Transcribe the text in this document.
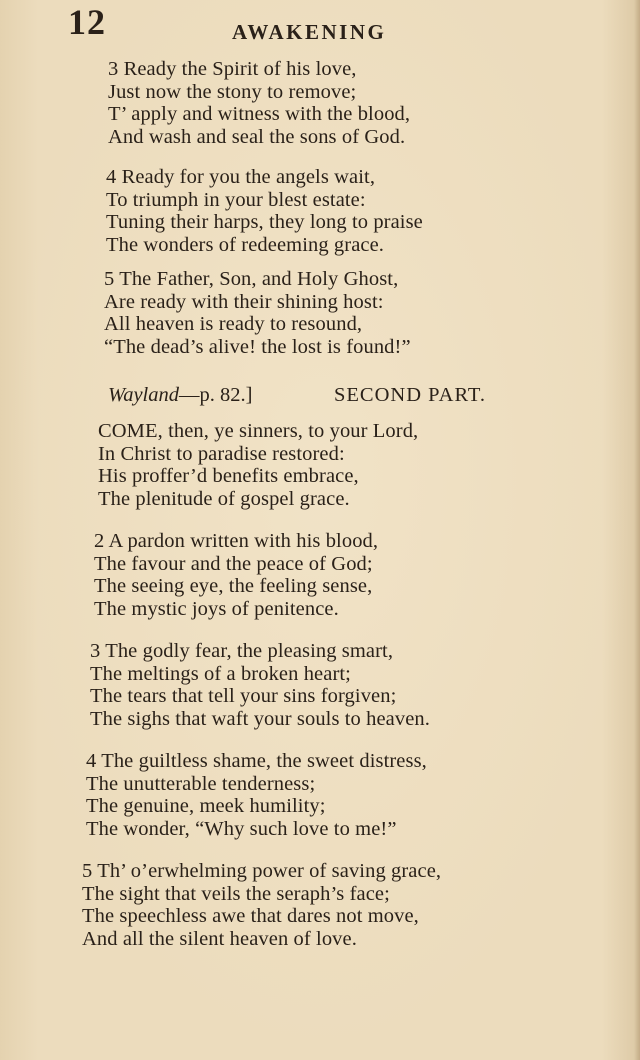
12	AWAKENING
3 Ready the Spirit of his love,
Just now the stony to remove;
T’ apply and witness with the blood,
And wash and seal the sons of God.
4 Ready for you the angels wait,
To triumph in your blest estate:
Tuning their harps, they long to praise
The wonders of redeeming grace.
5 The Father, Son, and Holy Ghost,
Are ready with their shining host:
All heaven is ready to resound,
“The dead’s alive! the lost is found!”
Wayland—p. 82.]	SECOND PART.
COME, then, ye sinners, to your Lord,
In Christ to paradise restored:
His proffer’d benefits embrace,
The plenitude of gospel grace.
2 A pardon written with his blood,
The favour and the peace of God;
The seeing eye, the feeling sense,
The mystic joys of penitence.
3 The godly fear, the pleasing smart,
The meltings of a broken heart;
The tears that tell your sins forgiven;
The sighs that waft your souls to heaven.
4 The guiltless shame, the sweet distress,
The unutterable tenderness;
The genuine, meek humility;
The wonder, “Why such love to me!”
5 Th’ o’erwhelming power of saving grace,
The sight that veils the seraph’s face;
The speechless awe that dares not move,
And all the silent heaven of love.
